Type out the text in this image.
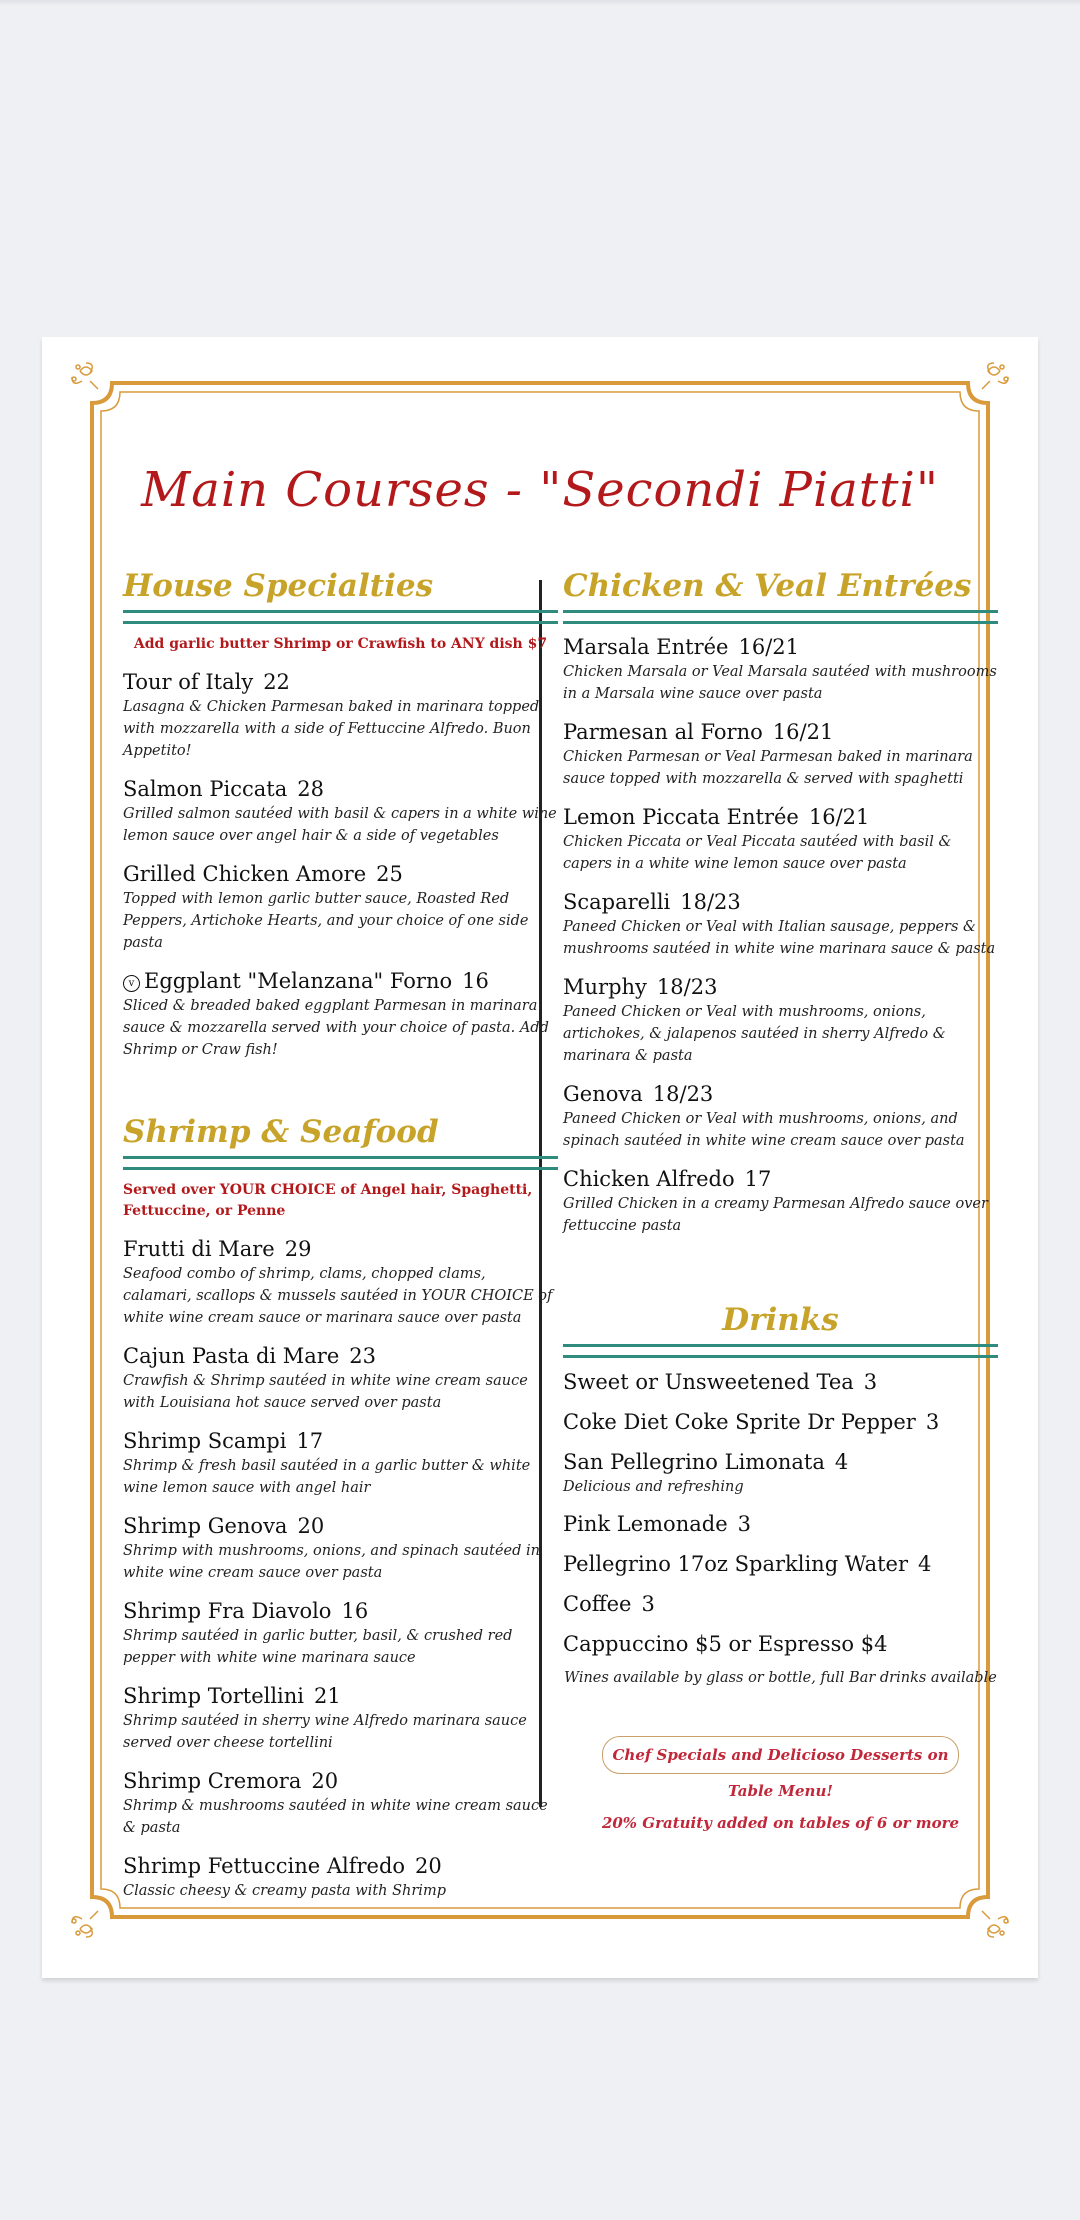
Main Courses - "Secondi Piatti"
House Specialties

Add garlic butter Shrimp or Crawfish to ANY dish $7

Tour of Italy 22
Lasagna & Chicken Parmesan baked in marinara topped with mozzarella with a side of Fettuccine Alfredo. Buon Appetito!
Salmon Piccata 28
Grilled salmon sautéed with basil & capers in a white wine lemon sauce over angel hair & a side of vegetables
Grilled Chicken Amore 25
Topped with lemon garlic butter sauce, Roasted Red Peppers, Artichoke Hearts, and your choice of one side pasta
v Eggplant "Melanzana" Forno 16
Sliced & breaded baked eggplant Parmesan in marinara sauce & mozzarella served with your choice of pasta. Add Shrimp or Craw fish!
Shrimp & Seafood

Served over YOUR CHOICE of Angel hair, Spaghetti, Fettuccine, or Penne

Frutti di Mare 29
Seafood combo of shrimp, clams, chopped clams, calamari, scallops & mussels sautéed in YOUR CHOICE of white wine cream sauce or marinara sauce over pasta
Cajun Pasta di Mare 23
Crawfish & Shrimp sautéed in white wine cream sauce with Louisiana hot sauce served over pasta
Shrimp Scampi 17
Shrimp & fresh basil sautéed in a garlic butter & white wine lemon sauce with angel hair
Shrimp Genova 20
Shrimp with mushrooms, onions, and spinach sautéed in white wine cream sauce over pasta
Shrimp Fra Diavolo 16
Shrimp sautéed in garlic butter, basil, & crushed red pepper with white wine marinara sauce
Shrimp Tortellini 21
Shrimp sautéed in sherry wine Alfredo marinara sauce served over cheese tortellini
Shrimp Cremora 20
Shrimp & mushrooms sautéed in white wine cream sauce & pasta
Shrimp Fettuccine Alfredo 20
Classic cheesy & creamy pasta with Shrimp
Chicken & Veal Entrées
Marsala Entrée 16/21
Chicken Marsala or Veal Marsala sautéed with mushrooms in a Marsala wine sauce over pasta
Parmesan al Forno 16/21
Chicken Parmesan or Veal Parmesan baked in marinara sauce topped with mozzarella & served with spaghetti
Lemon Piccata Entrée 16/21
Chicken Piccata or Veal Piccata sautéed with basil & capers in a white wine lemon sauce over pasta
Scaparelli 18/23
Paneed Chicken or Veal with Italian sausage, peppers & mushrooms sautéed in white wine marinara sauce & pasta
Murphy 18/23
Paneed Chicken or Veal with mushrooms, onions, artichokes, & jalapenos sautéed in sherry Alfredo & marinara & pasta
Genova 18/23
Paneed Chicken or Veal with mushrooms, onions, and spinach sautéed in white wine cream sauce over pasta
Chicken Alfredo 17
Grilled Chicken in a creamy Parmesan Alfredo sauce over fettuccine pasta
Drinks
Sweet or Unsweetened Tea 3
Coke Diet Coke Sprite Dr Pepper 3
San Pellegrino Limonata 4
Delicious and refreshing
Pink Lemonade 3
Pellegrino 17oz Sparkling Water 4
Coffee 3
Cappuccino $5 or Espresso $4
Wines available by glass or bottle, full Bar drinks available
Chef Specials and Delicioso Desserts on Table Menu!
20% Gratuity added on tables of 6 or more
